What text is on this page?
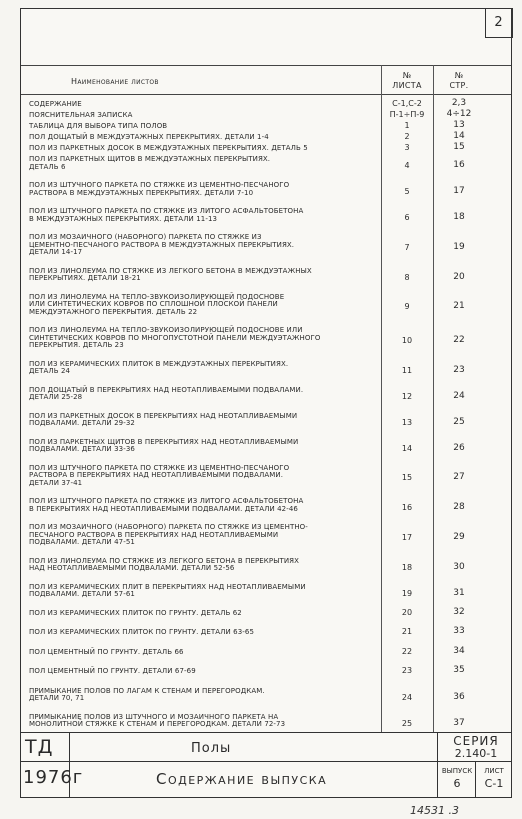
2
Наименование листов
№
ЛИСТА
№
СТР.
СОДЕРЖАНИЕ	С-1,С-2	2,3
ПОЯСНИТЕЛЬНАЯ ЗАПИСКА	П-1÷П-9	4÷12
ТАБЛИЦА ДЛЯ ВЫБОРА ТИПА ПОЛОВ	1	13
ПОЛ ДОЩАТЫЙ В МЕЖДУЭТАЖНЫХ ПЕРЕКРЫТИЯХ. ДЕТАЛИ 1-4	2	14
ПОЛ ИЗ ПАРКЕТНЫХ ДОСОК В МЕЖДУЭТАЖНЫХ ПЕРЕКРЫТИЯХ. ДЕТАЛЬ 5	3	15
ПОЛ ИЗ ПАРКЕТНЫХ ЩИТОВ В МЕЖДУЭТАЖНЫХ ПЕРЕКРЫТИЯХ.
ДЕТАЛЬ 6	4	16
ПОЛ ИЗ ШТУЧНОГО ПАРКЕТА ПО СТЯЖКЕ ИЗ ЦЕМЕНТНО-ПЕСЧАНОГО
РАСТВОРА В МЕЖДУЭТАЖНЫХ ПЕРЕКРЫТИЯХ. ДЕТАЛИ 7-10	5	17
ПОЛ ИЗ ШТУЧНОГО ПАРКЕТА ПО СТЯЖКЕ ИЗ ЛИТОГО АСФАЛЬТОБЕТОНА
В МЕЖДУЭТАЖНЫХ ПЕРЕКРЫТИЯХ. ДЕТАЛИ 11-13	6	18
ПОЛ ИЗ МОЗАИЧНОГО (НАБОРНОГО) ПАРКЕТА ПО СТЯЖКЕ ИЗ
ЦЕМЕНТНО-ПЕСЧАНОГО РАСТВОРА В МЕЖДУЭТАЖНЫХ ПЕРЕКРЫТИЯХ.
ДЕТАЛИ 14-17
7	19
ПОЛ ИЗ ЛИНОЛЕУМА ПО СТЯЖКЕ ИЗ ЛЕГКОГО БЕТОНА В МЕЖДУЭТАЖНЫХ
ПЕРЕКРЫТИЯХ. ДЕТАЛИ 18-21	8	20
ПОЛ ИЗ ЛИНОЛЕУМА НА ТЕПЛО-ЗВУКОИЗОЛИРУЮЩЕЙ ПОДОСНОВЕ
ИЛИ СИНТЕТИЧЕСКИХ КОВРОВ ПО СПЛОШНОЙ ПЛОСКОЙ ПАНЕЛИ
МЕЖДУЭТАЖНОГО ПЕРЕКРЫТИЯ. ДЕТАЛЬ 22
9	21
ПОЛ ИЗ ЛИНОЛЕУМА НА ТЕПЛО-ЗВУКОИЗОЛИРУЮЩЕЙ ПОДОСНОВЕ ИЛИ
СИНТЕТИЧЕСКИХ КОВРОВ ПО МНОГОПУСТОТНОЙ ПАНЕЛИ МЕЖДУЭТАЖНОГО
ПЕРЕКРЫТИЯ. ДЕТАЛЬ 23
10	22
ПОЛ ИЗ КЕРАМИЧЕСКИХ ПЛИТОК В МЕЖДУЭТАЖНЫХ ПЕРЕКРЫТИЯХ.
ДЕТАЛЬ 24	11	23
ПОЛ ДОЩАТЫЙ В ПЕРЕКРЫТИЯХ НАД НЕОТАПЛИВАЕМЫМИ ПОДВАЛАМИ.
ДЕТАЛИ 25-28	12	24
ПОЛ ИЗ ПАРКЕТНЫХ ДОСОК В ПЕРЕКРЫТИЯХ НАД НЕОТАПЛИВАЕМЫМИ
ПОДВАЛАМИ. ДЕТАЛИ 29-32	13	25
ПОЛ ИЗ ПАРКЕТНЫХ ЩИТОВ В ПЕРЕКРЫТИЯХ НАД НЕОТАПЛИВАЕМЫМИ
ПОДВАЛАМИ. ДЕТАЛИ 33-36	14	26
ПОЛ ИЗ ШТУЧНОГО ПАРКЕТА ПО СТЯЖКЕ ИЗ ЦЕМЕНТНО-ПЕСЧАНОГО
РАСТВОРА В ПЕРЕКРЫТИЯХ НАД НЕОТАПЛИВАЕМЫМИ ПОДВАЛАМИ.
ДЕТАЛИ 37-41
15	27
ПОЛ ИЗ ШТУЧНОГО ПАРКЕТА ПО СТЯЖКЕ ИЗ ЛИТОГО АСФАЛЬТОБЕТОНА
В ПЕРЕКРЫТИЯХ НАД НЕОТАПЛИВАЕМЫМИ ПОДВАЛАМИ. ДЕТАЛИ 42-46	16	28
ПОЛ ИЗ МОЗАИЧНОГО (НАБОРНОГО) ПАРКЕТА ПО СТЯЖКЕ ИЗ ЦЕМЕНТНО-
ПЕСЧАНОГО РАСТВОРА В ПЕРЕКРЫТИЯХ НАД НЕОТАПЛИВАЕМЫМИ
ПОДВАЛАМИ. ДЕТАЛИ 47-51
17	29
ПОЛ ИЗ ЛИНОЛЕУМА ПО СТЯЖКЕ ИЗ ЛЕГКОГО БЕТОНА В ПЕРЕКРЫТИЯХ
НАД НЕОТАПЛИВАЕМЫМИ ПОДВАЛАМИ. ДЕТАЛИ 52-56	18	30
ПОЛ ИЗ КЕРАМИЧЕСКИХ ПЛИТ В ПЕРЕКРЫТИЯХ НАД НЕОТАПЛИВАЕМЫМИ
ПОДВАЛАМИ. ДЕТАЛИ 57-61	19	31
ПОЛ ИЗ КЕРАМИЧЕСКИХ ПЛИТОК ПО ГРУНТУ. ДЕТАЛЬ 62	20	32
ПОЛ ИЗ КЕРАМИЧЕСКИХ ПЛИТОК ПО ГРУНТУ. ДЕТАЛИ 63-65	21	33
ПОЛ ЦЕМЕНТНЫЙ ПО ГРУНТУ. ДЕТАЛЬ 66	22	34
ПОЛ ЦЕМЕНТНЫЙ ПО ГРУНТУ. ДЕТАЛИ 67-69	23	35
ПРИМЫКАНИЕ ПОЛОВ ПО ЛАГАМ К СТЕНАМ И ПЕРЕГОРОДКАМ.
ДЕТАЛИ 70, 71	24	36
ПРИМЫКАНИЕ ПОЛОВ ИЗ ШТУЧНОГО И МОЗАИЧНОГО ПАРКЕТА НА
МОНОЛИТНОЙ СТЯЖКЕ К СТЕНАМ И ПЕРЕГОРОДКАМ. ДЕТАЛИ 72-73	25	37
ТД
1976г
Полы
Содержание выпуска
СЕРИЯ
2.140-1
ВЫПУСК
6
ЛИСТ
С-1
14531 .3
